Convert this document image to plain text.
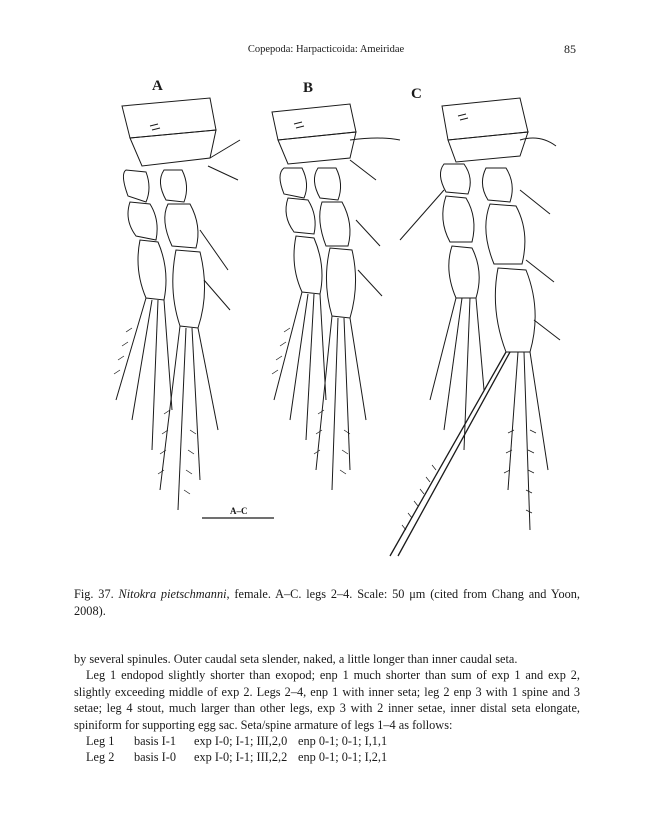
Copepoda: Harpacticoida: Ameiridae	85
A	B	C
A–C
Fig. 37. Nitokra pietschmanni, female. A–C. legs 2–4. Scale: 50 μm (cited from Chang and Yoon, 2008).

by several spinules. Outer caudal seta slender, naked, a little longer than inner caudal seta.

Leg 1 endopod slightly shorter than exopod; enp 1 much shorter than sum of exp 1 and exp 2, slightly exceeding middle of exp 2. Legs 2–4, enp 1 with inner seta; leg 2 enp 3 with 1 spine and 3 setae; leg 4 stout, much larger than other legs, exp 3 with 2 inner setae, inner distal seta elongate, spiniform for supporting egg sac. Seta/spine armature of legs 1–4 as follows:

Leg 1	basis I-1	exp I-0; I-1; III,2,0 enp 0-1; 0-1; I,1,1
Leg 2	basis I-0	exp I-0; I-1; III,2,2 enp 0-1; 0-1; I,2,1
